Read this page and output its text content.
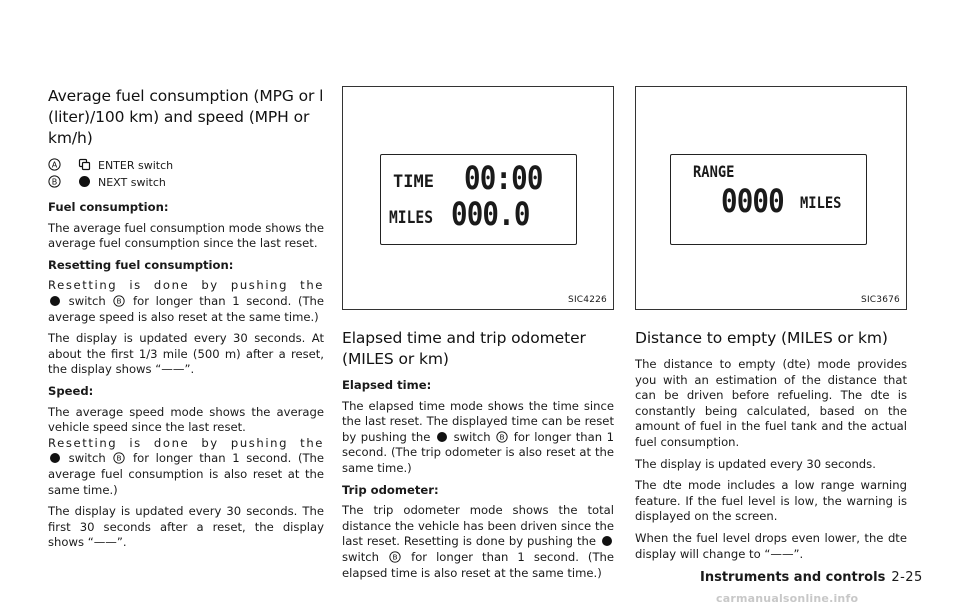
Average fuel consumption (MPG or l (liter)/100 km) and speed (MPH or km/h)
A	ENTER switch
B	NEXT switch
Fuel consumption:

The average fuel consumption mode shows the average fuel consumption since the last reset.

Resetting fuel consumption:

Resetting is done by pushing the

switch B for longer than 1 second. (The average speed is also reset at the same time.)

The display is updated every 30 seconds. At about the first 1/3 mile (500 m) after a reset, the display shows “——”.

Speed:

The average speed mode shows the average vehicle speed since the last reset.

Resetting is done by pushing the

switch B for longer than 1 second. (The average fuel consumption is also reset at the same time.)

The display is updated every 30 seconds. The first 30 seconds after a reset, the display shows “——”.

TIME 00:00
MILES 000.0
SIC4226
Elapsed time and trip odometer (MILES or km)
Elapsed time:

The elapsed time mode shows the time since the last reset. The displayed time can be reset by pushing the switch B for longer than 1 second. (The trip odometer is also reset at the same time.)

Trip odometer:

The trip odometer mode shows the total distance the vehicle has been driven since the last reset. Resetting is done by pushing the  switch B for longer than 1 second. (The elapsed time is also reset at the same time.)

RANGE
0000 MILES
SIC3676
Distance to empty (MILES or km)

The distance to empty (dte) mode provides you with an estimation of the distance that can be driven before refueling. The dte is constantly being calculated, based on the amount of fuel in the fuel tank and the actual fuel consumption.

The display is updated every 30 seconds.

The dte mode includes a low range warning feature. If the fuel level is low, the warning is displayed on the screen.

When the fuel level drops even lower, the dte display will change to “——”.

Instruments and controls 2-25
carmanualsonline.info
